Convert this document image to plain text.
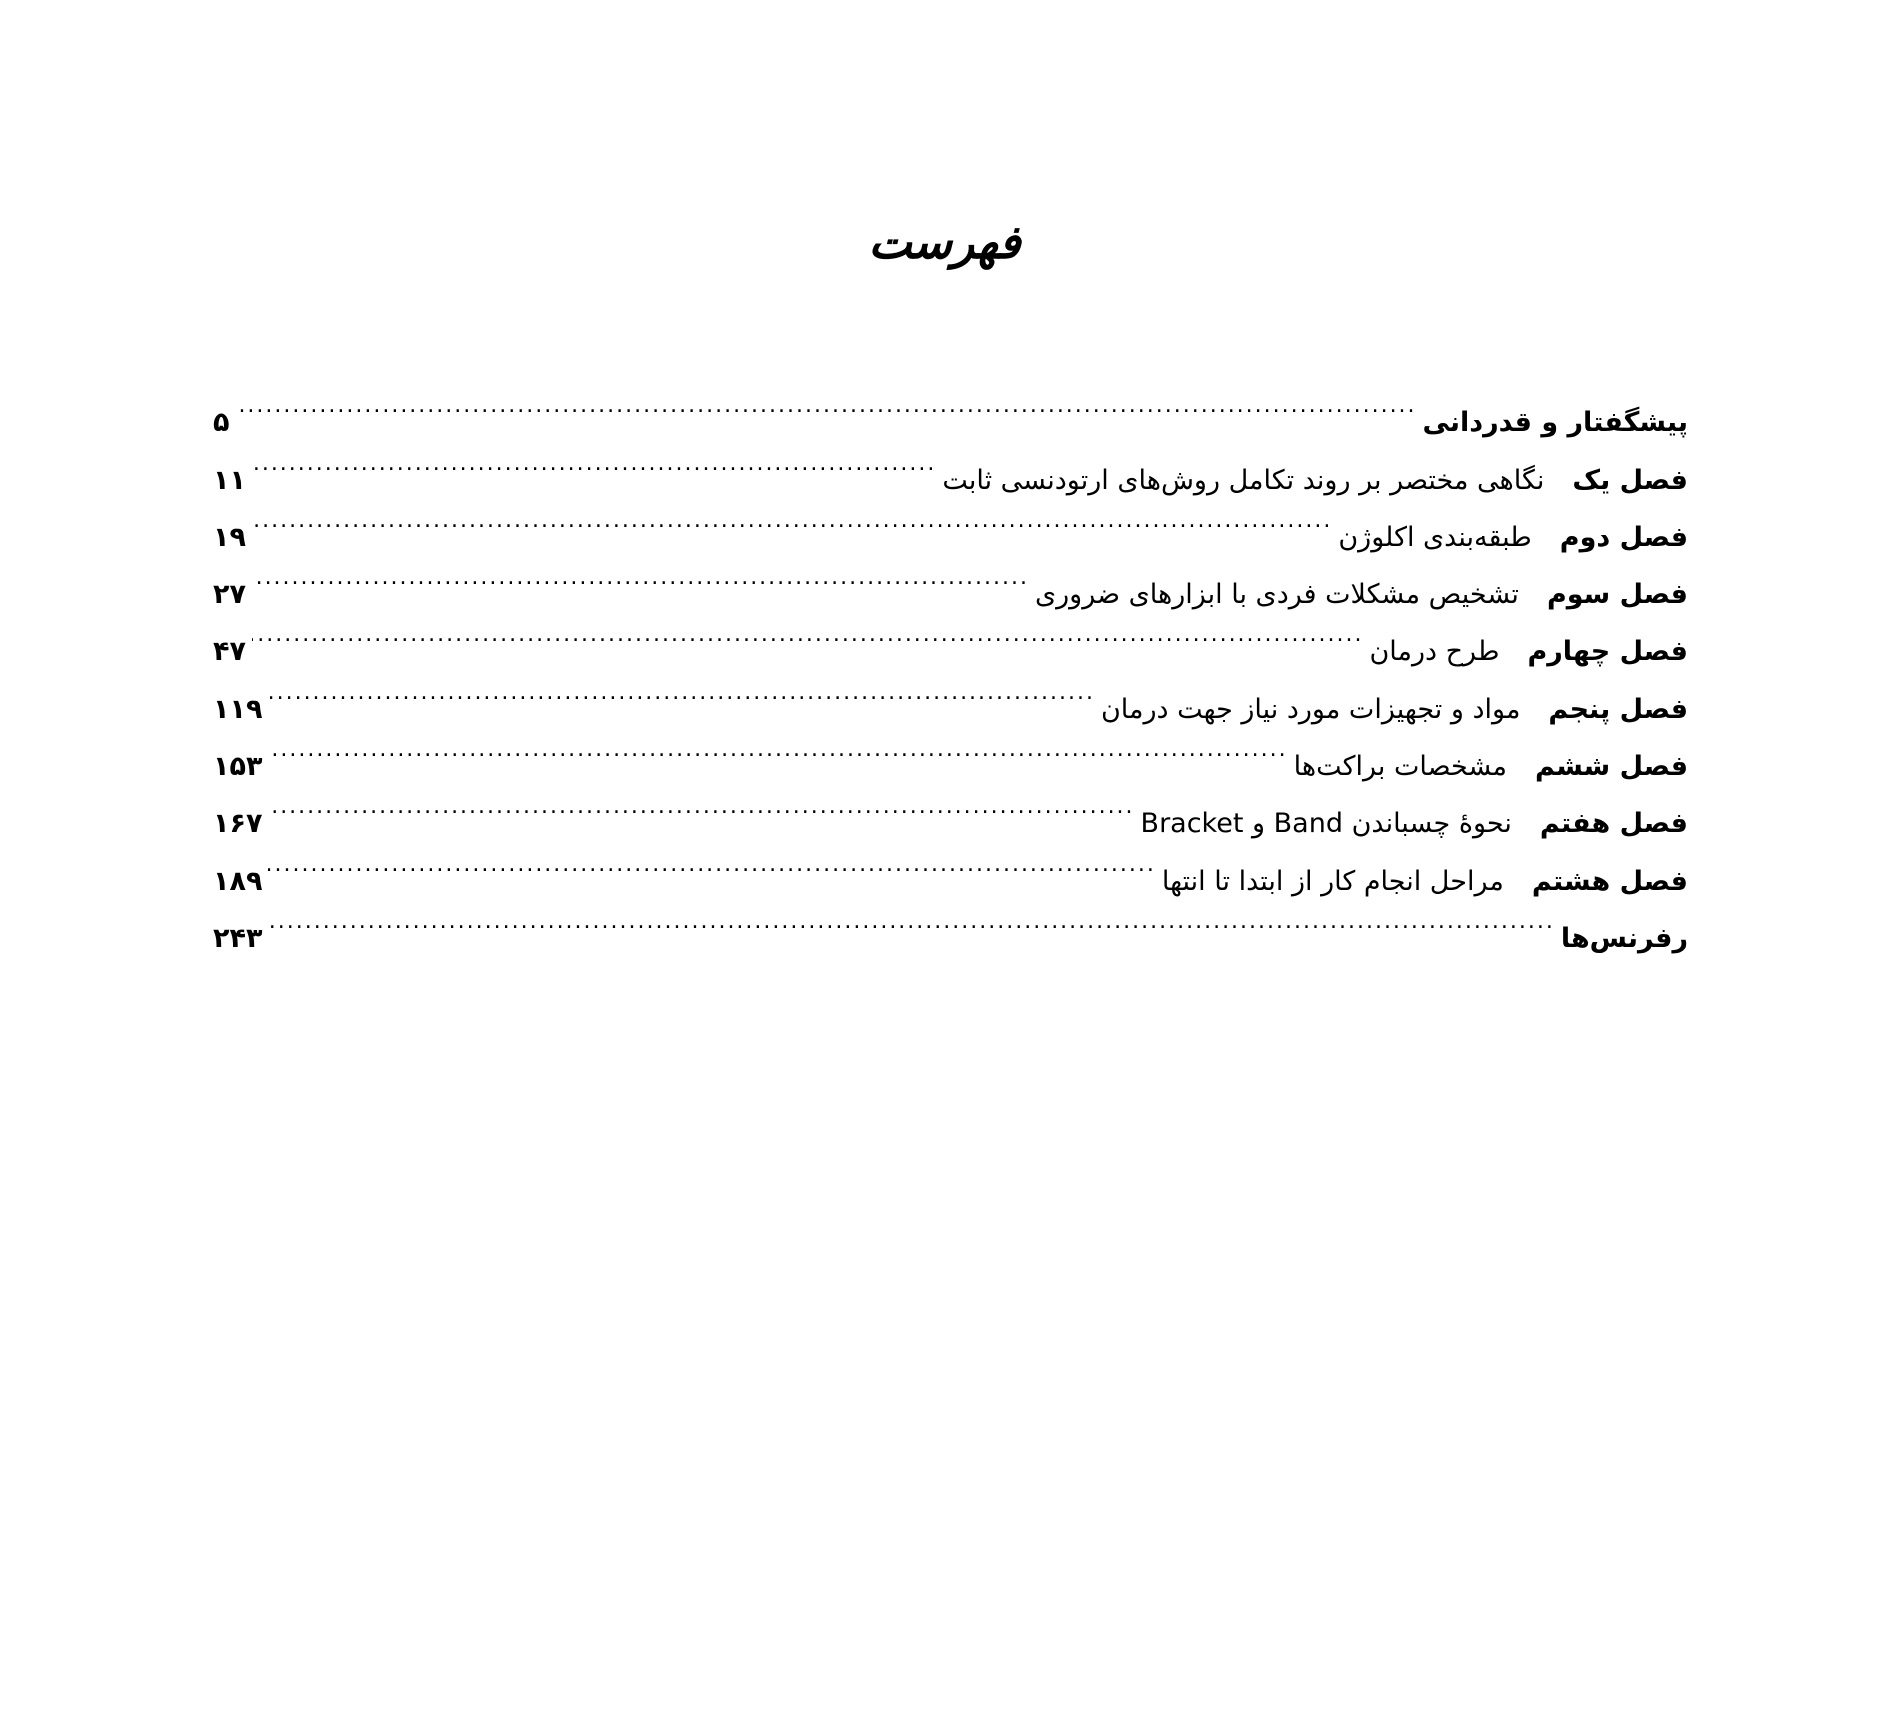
فهرست
پیشگفتار و قدردانی
.....
۵
فصل یک
نگاهی مختصر بر روند تکامل روش‌های ارتودنسی ثابت
.....
۱۱
فصل دوم
طبقه‌بندی اکلوژن
.....
۱۹
فصل سوم
تشخیص مشکلات فردی با ابزارهای ضروری
.....
۲۷
فصل چهارم
طرح درمان
.....
۴۷
فصل پنجم
مواد و تجهیزات مورد نیاز جهت درمان
.....
۱۱۹
فصل ششم
مشخصات براکت‌ها
.....
۱۵۳
فصل هفتم
نحوهٔ چسباندن Band و Bracket
.....
۱۶۷
فصل هشتم
مراحل انجام کار از ابتدا تا انتها
.....
۱۸۹
رفرنس‌ها
.....
۲۴۳
